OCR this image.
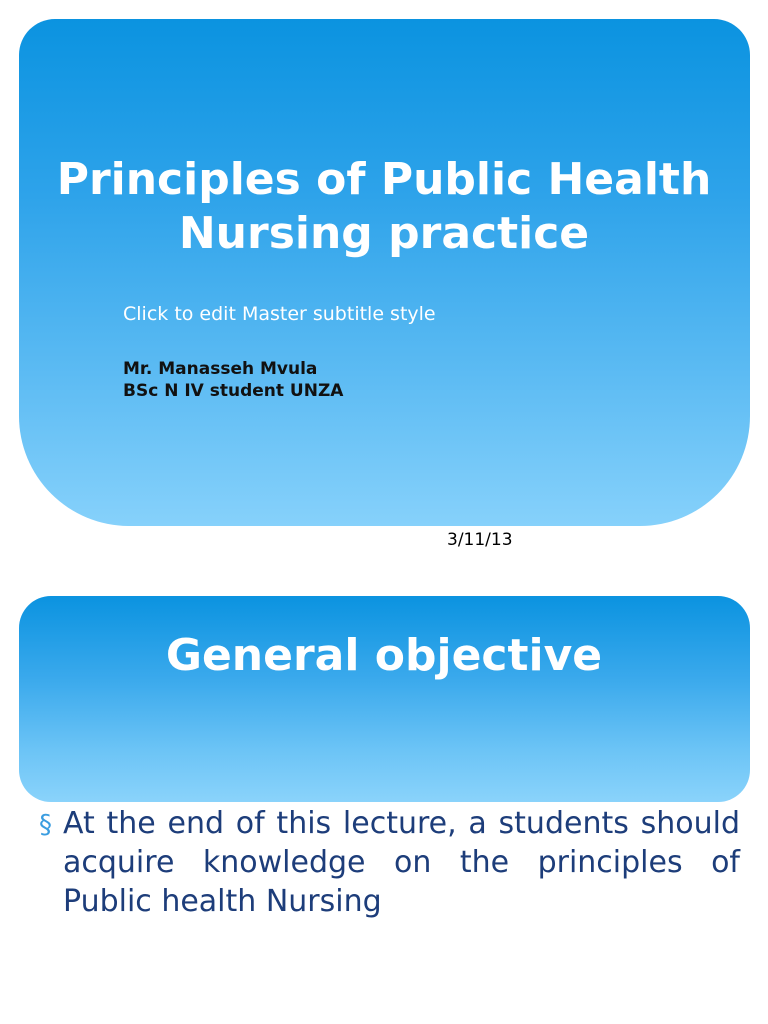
Principles of Public Health Nursing practice

Click to edit Master subtitle style

Mr. Manasseh Mvula

BSc N IV student UNZA

3/11/13
General objective
§ At the end of this lecture, a students should acquire knowledge on the principles of Public health Nursing
